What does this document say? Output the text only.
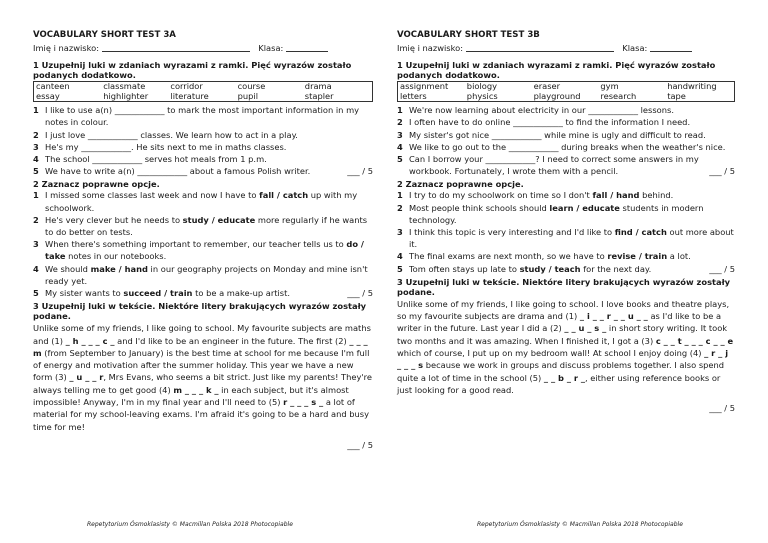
VOCABULARY SHORT TEST 3A

Imię i nazwisko:	Klasa:

1 Uzupełnij luki w zdaniach wyrazami z ramki. Pięć wyrazów zostało podanych dodatkowo.

canteen	classmate	corridor	course	drama
essay	highlighter	literature	pupil	stapler
1 I like to use a(n) ____________ to mark the most important information in my notes in colour.
2 I just love ____________ classes. We learn how to act in a play.
3 He's my ____________. He sits next to me in maths classes.
4 The school ____________ serves hot meals from 1 p.m.
5 We have to write a(n) ____________ about a famous Polish writer.	___ / 5

2 Zaznacz poprawne opcje.

1 I missed some classes last week and now I have to fall / catch up with my schoolwork.
2 He's very clever but he needs to study / educate more regularly if he wants to do better on tests.
3 When there's something important to remember, our teacher tells us to do / take notes in our notebooks.
4 We should make / hand in our geography projects on Monday and mine isn't ready yet.
5 My sister wants to succeed / train to be a make-up artist.	___ / 5

3 Uzupełnij luki w tekście. Niektóre litery brakujących wyrazów zostały podane.

Unlike some of my friends, I like going to school. My favourite subjects are maths and (1) _ h _ _ _ c _ and I'd like to be an engineer in the future. The first (2) _ _ _ m (from September to January) is the best time at school for me because I'm full of energy and motivation after the summer holiday. This year we have a new form (3) _ u _ _ r, Mrs Evans, who seems a bit strict. Just like my parents! They're always telling me to get good (4) m _ _ _ k _ in each subject, but it's almost impossible! Anyway, I'm in my final year and I'll need to (5) r _ _ _ s _ a lot of material for my school-leaving exams. I'm afraid it's going to be a hard and busy time for me!
___ / 5

VOCABULARY SHORT TEST 3B

Imię i nazwisko:	Klasa:

1 Uzupełnij luki w zdaniach wyrazami z ramki. Pięć wyrazów zostało podanych dodatkowo.

assignment	biology	eraser	gym	handwriting
letters	physics	playground	research	tape
1 We're now learning about electricity in our ____________ lessons.
2 I often have to do online ____________ to find the information I need.
3 My sister's got nice ____________ while mine is ugly and difficult to read.
4 We like to go out to the ____________ during breaks when the weather's nice.
5 Can I borrow your ____________? I need to correct some answers in my workbook. Fortunately, I wrote them with a pencil.	___ / 5

2 Zaznacz poprawne opcje.

1 I try to do my schoolwork on time so I don't fall / hand behind.
2 Most people think schools should learn / educate students in modern technology.
3 I think this topic is very interesting and I'd like to find / catch out more about it.
4 The final exams are next month, so we have to revise / train a lot.
5 Tom often stays up late to study / teach for the next day.	___ / 5

3 Uzupełnij luki w tekście. Niektóre litery brakujących wyrazów zostały podane.

Unlike some of my friends, I like going to school. I love books and theatre plays, so my favourite subjects are drama and (1) _ i _ _ r _ _ u _ _ as I'd like to be a writer in the future. Last year I did a (2) _ _ u _ s _ in short story writing. It took two months and it was amazing. When I finished it, I got a (3) c _ _ t _ _ _ c _ _ e which of course, I put up on my bedroom wall! At school I enjoy doing (4) _ r _ j _ _ _ s because we work in groups and discuss problems together. I also spend quite a lot of time in the school (5) _ _ b _ r _, either using reference books or just looking for a good read.
___ / 5
Repetytorium Ósmoklasisty © Macmillan Polska 2018 Photocopiable	Repetytorium Ósmoklasisty © Macmillan Polska 2018 Photocopiable
